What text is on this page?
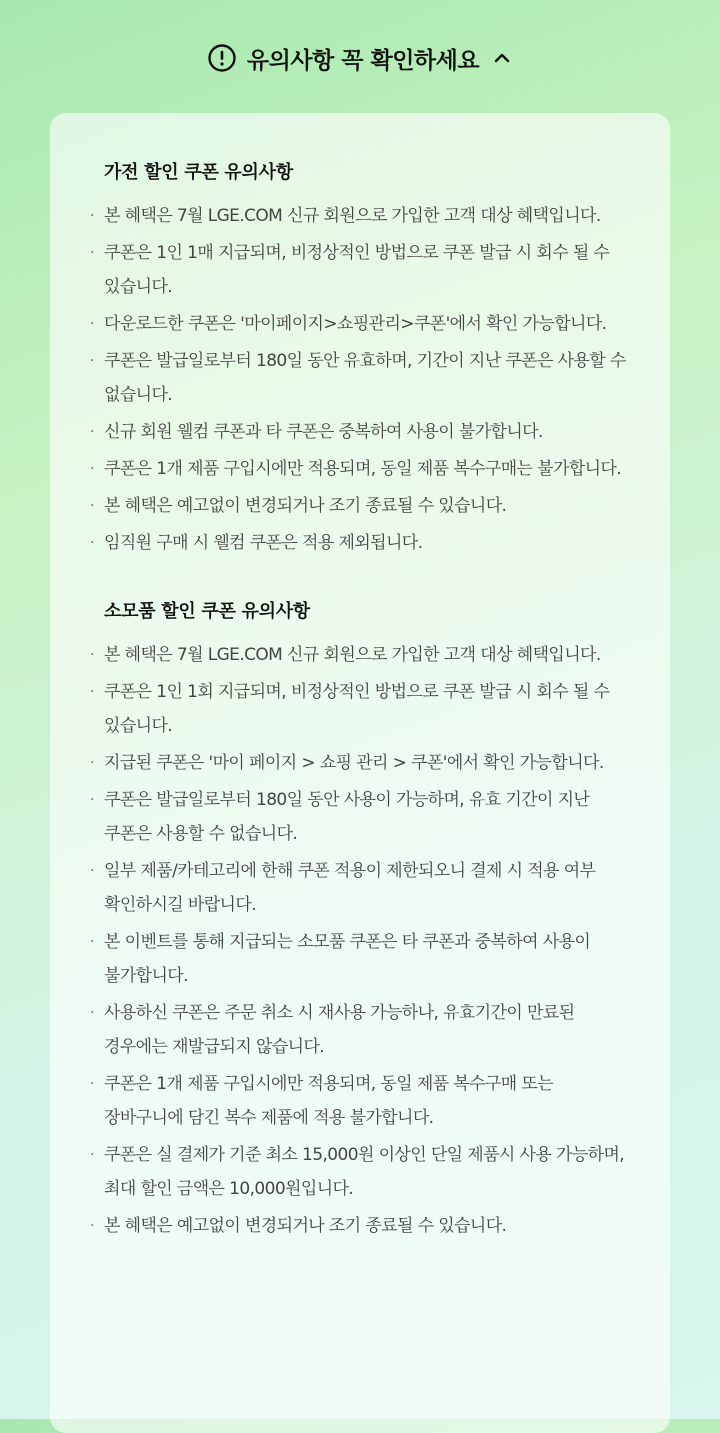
유의사항 꼭 확인하세요
가전 할인 쿠폰 유의사항
· 본 혜택은 7월 LGE.COM 신규 회원으로 가입한 고객 대상 혜택입니다.
· 쿠폰은 1인 1매 지급되며, 비정상적인 방법으로 쿠폰 발급 시 회수 될 수 있습니다.
· 다운로드한 쿠폰은 '마이페이지>쇼핑관리>쿠폰'에서 확인 가능합니다.
· 쿠폰은 발급일로부터 180일 동안 유효하며, 기간이 지난 쿠폰은 사용할 수 없습니다.
· 신규 회원 웰컴 쿠폰과 타 쿠폰은 중복하여 사용이 불가합니다.
· 쿠폰은 1개 제품 구입시에만 적용되며, 동일 제품 복수구매는 불가합니다.
· 본 혜택은 예고없이 변경되거나 조기 종료될 수 있습니다.
· 임직원 구매 시 웰컴 쿠폰은 적용 제외됩니다.
소모품 할인 쿠폰 유의사항
· 본 혜택은 7월 LGE.COM 신규 회원으로 가입한 고객 대상 혜택입니다.
· 쿠폰은 1인 1회 지급되며, 비정상적인 방법으로 쿠폰 발급 시 회수 될 수 있습니다.
· 지급된 쿠폰은 '마이 페이지 > 쇼핑 관리 > 쿠폰'에서 확인 가능합니다.
· 쿠폰은 발급일로부터 180일 동안 사용이 가능하며, 유효 기간이 지난 쿠폰은 사용할 수 없습니다.
· 일부 제품/카테고리에 한해 쿠폰 적용이 제한되오니 결제 시 적용 여부 확인하시길 바랍니다.
· 본 이벤트를 통해 지급되는 소모품 쿠폰은 타 쿠폰과 중복하여 사용이 불가합니다.
· 사용하신 쿠폰은 주문 취소 시 재사용 가능하나, 유효기간이 만료된 경우에는 재발급되지 않습니다.
· 쿠폰은 1개 제품 구입시에만 적용되며, 동일 제품 복수구매 또는 장바구니에 담긴 복수 제품에 적용 불가합니다.
· 쿠폰은 실 결제가 기준 최소 15,000원 이상인 단일 제품시 사용 가능하며, 최대 할인 금액은 10,000원입니다.
· 본 혜택은 예고없이 변경되거나 조기 종료될 수 있습니다.
